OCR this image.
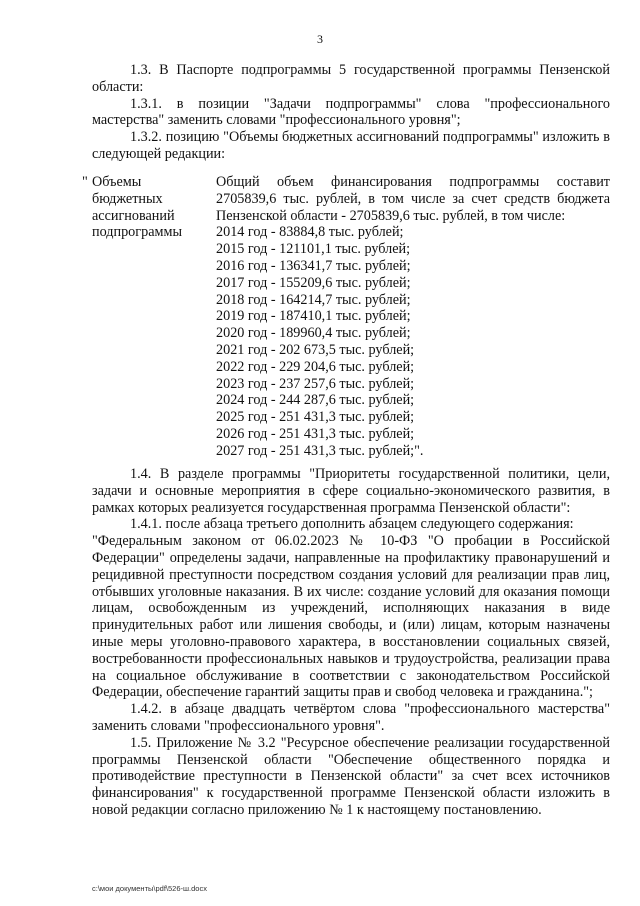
3

1.3. В Паспорте подпрограммы 5 государственной программы Пензенской области:

1.3.1. в позиции "Задачи подпрограммы" слова "профессионального мастерства" заменить словами "профессионального уровня";

1.3.2. позицию "Объемы бюджетных ассигнований подпрограммы" изложить в следующей редакции:

" Объемы бюджетных ассигнований подпрограммы

Общий объем финансирования подпрограммы составит 2705839,6 тыс. рублей, в том числе за счет средств бюджета Пензенской области - 2705839,6 тыс. рублей, в том числе:

2014 год - 83884,8 тыс. рублей;
2015 год - 121101,1 тыс. рублей;
2016 год - 136341,7 тыс. рублей;
2017 год - 155209,6 тыс. рублей;
2018 год - 164214,7 тыс. рублей;
2019 год - 187410,1 тыс. рублей;
2020 год - 189960,4 тыс. рублей;
2021 год - 202 673,5 тыс. рублей;
2022 год - 229 204,6 тыс. рублей;
2023 год - 237 257,6 тыс. рублей;
2024 год - 244 287,6 тыс. рублей;
2025 год - 251 431,3 тыс. рублей;
2026 год - 251 431,3 тыс. рублей;
2027 год - 251 431,3 тыс. рублей;".

1.4. В разделе программы "Приоритеты государственной политики, цели, задачи и основные мероприятия в сфере социально-экономического развития, в рамках которых реализуется государственная программа Пензенской области":

1.4.1. после абзаца третьего дополнить абзацем следующего содержания:

"Федеральным законом от 06.02.2023 № 10-ФЗ "О пробации в Российской Федерации" определены задачи, направленные на профилактику правонарушений и рецидивной преступности посредством создания условий для реализации прав лиц, отбывших уголовные наказания. В их числе: создание условий для оказания помощи лицам, освобожденным из учреждений, исполняющих наказания в виде принудительных работ или лишения свободы, и (или) лицам, которым назначены иные меры уголовно-правового характера, в восстановлении социальных связей, востребованности профессиональных навыков и трудоустройства, реализации права на социальное обслуживание в соответствии с законодательством Российской Федерации, обеспечение гарантий защиты прав и свобод человека и гражданина.";

1.4.2. в абзаце двадцать четвёртом слова "профессионального мастерства" заменить словами "профессионального уровня".

1.5. Приложение № 3.2 "Ресурсное обеспечение реализации государственной программы Пензенской области "Обеспечение общественного порядка и противодействие преступности в Пензенской области" за счет всех источников финансирования" к государственной программе Пензенской области изложить в новой редакции согласно приложению № 1 к настоящему постановлению.

c:\мои документы\pdf\526-ш.docx
